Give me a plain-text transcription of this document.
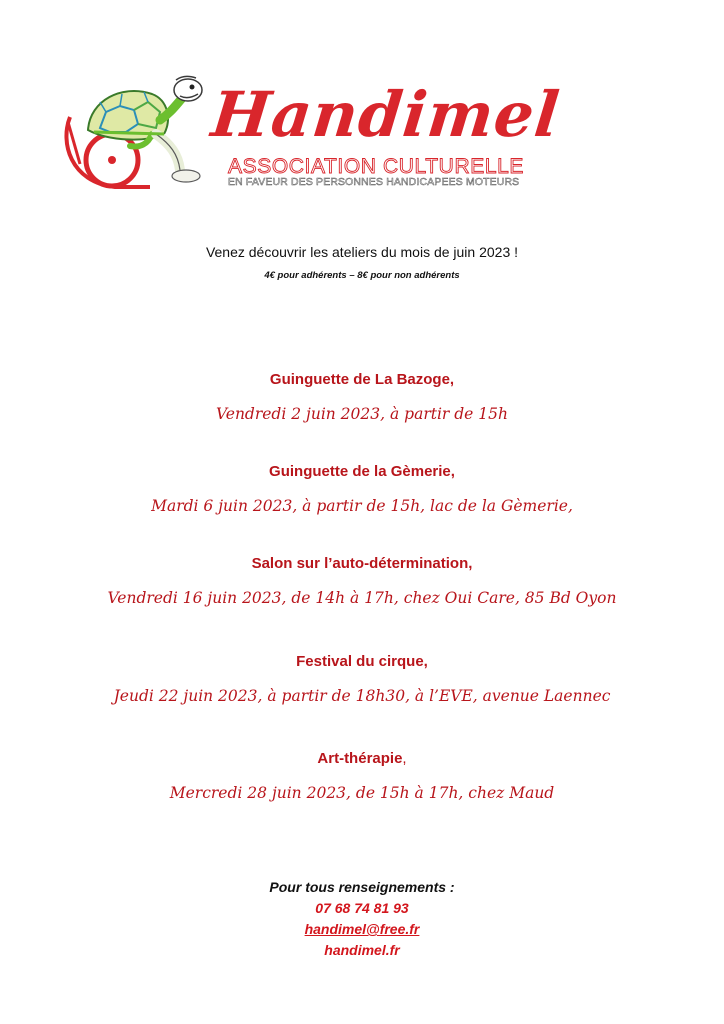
Handimel
ASSOCIATION CULTURELLE
EN FAVEUR DES PERSONNES HANDICAPEES MOTEURS
Venez découvrir les ateliers du mois de juin 2023 !
4€ pour adhérents – 8€ pour non adhérents
Guinguette de La Bazoge,
Vendredi 2 juin 2023, à partir de 15h
Guinguette de la Gèmerie,
Mardi 6 juin 2023, à partir de 15h, lac de la Gèmerie,
Salon sur l’auto-détermination,
Vendredi 16 juin 2023, de 14h à 17h, chez Oui Care, 85 Bd Oyon
Festival du cirque,
Jeudi 22 juin 2023, à partir de 18h30, à l’EVE, avenue Laennec
Art-thérapie,
Mercredi 28 juin 2023, de 15h à 17h, chez Maud
Pour tous renseignements :
07 68 74 81 93
handimel@free.fr
handimel.fr
